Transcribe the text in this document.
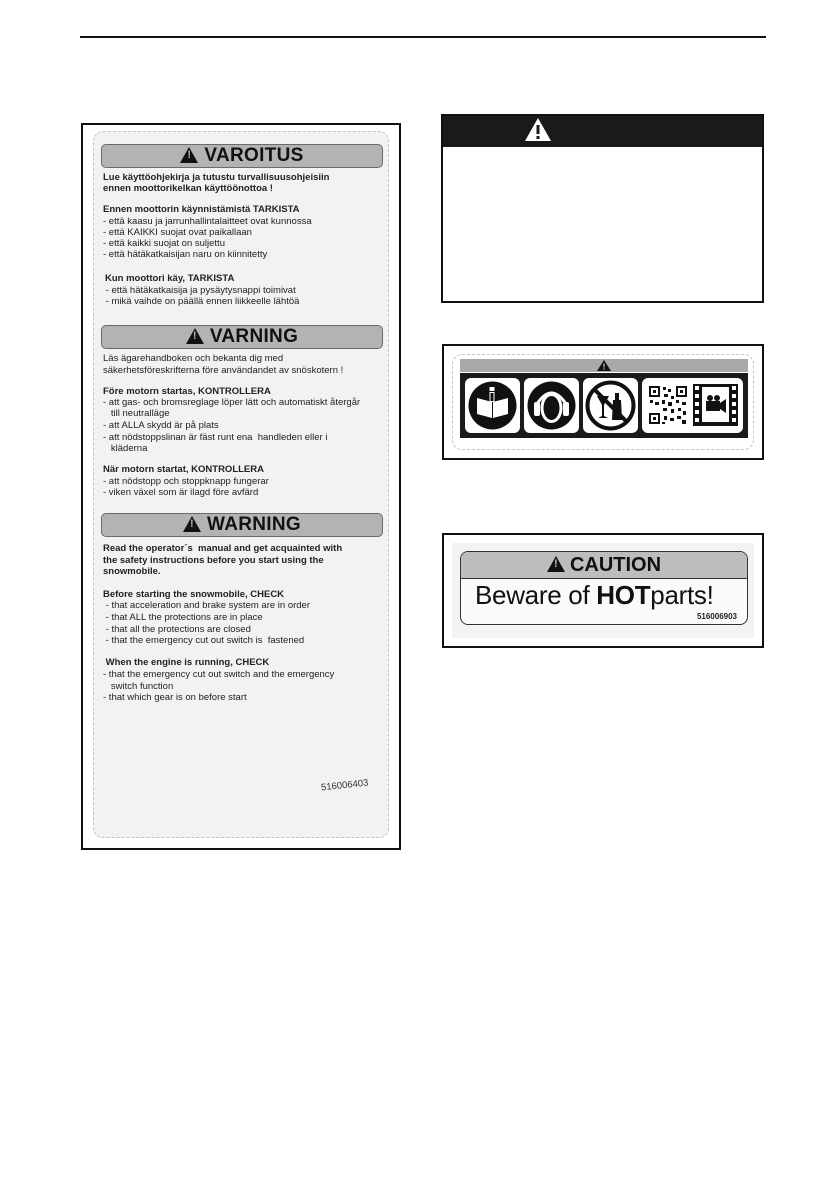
!
VAROITUS
Lue käyttöohjekirja ja tutustu turvallisuusohjeisiin
ennen moottorikelkan käyttöönottoa !
Ennen moottorin käynnistämistä TARKISTA
- että kaasu ja jarrunhallintalaitteet ovat kunnossa
- että KAIKKI suojat ovat paikallaan
- että kaikki suojat on suljettu
- että hätäkatkaisijan naru on kiinnitetty
Kun moottori käy, TARKISTA
- että hätäkatkaisija ja pysäytysnappi toimivat
- mikä vaihde on päällä ennen liikkeelle lähtöä
!
VARNING
Läs ägarehandboken och bekanta dig med
säkerhetsföreskrifterna före användandet av snöskotern !
Före motorn startas, KONTROLLERA
- att gas- och bromsreglage löper lätt och automatiskt återgår
till neutralläge
- att ALLA skydd är på plats
- att nödstoppslinan är fäst runt ena  handleden eller i
kläderna
När motorn startat, KONTROLLERA
- att nödstopp och stoppknapp fungerar
- viken växel som är ilagd före avfärd
!
WARNING
Read the operator´s  manual and get acquainted with
the safety instructions before you start using the
snowmobile.
Before starting the snowmobile, CHECK
- that acceleration and brake system are in order
- that ALL the protections are in place
- that all the protections are closed
- that the emergency cut out switch is  fastened
When the engine is running, CHECK
- that the emergency cut out switch and the emergency
switch function
- that which gear is on before start
516006403
!
CAUTION
Beware of HOTparts!
516006903
